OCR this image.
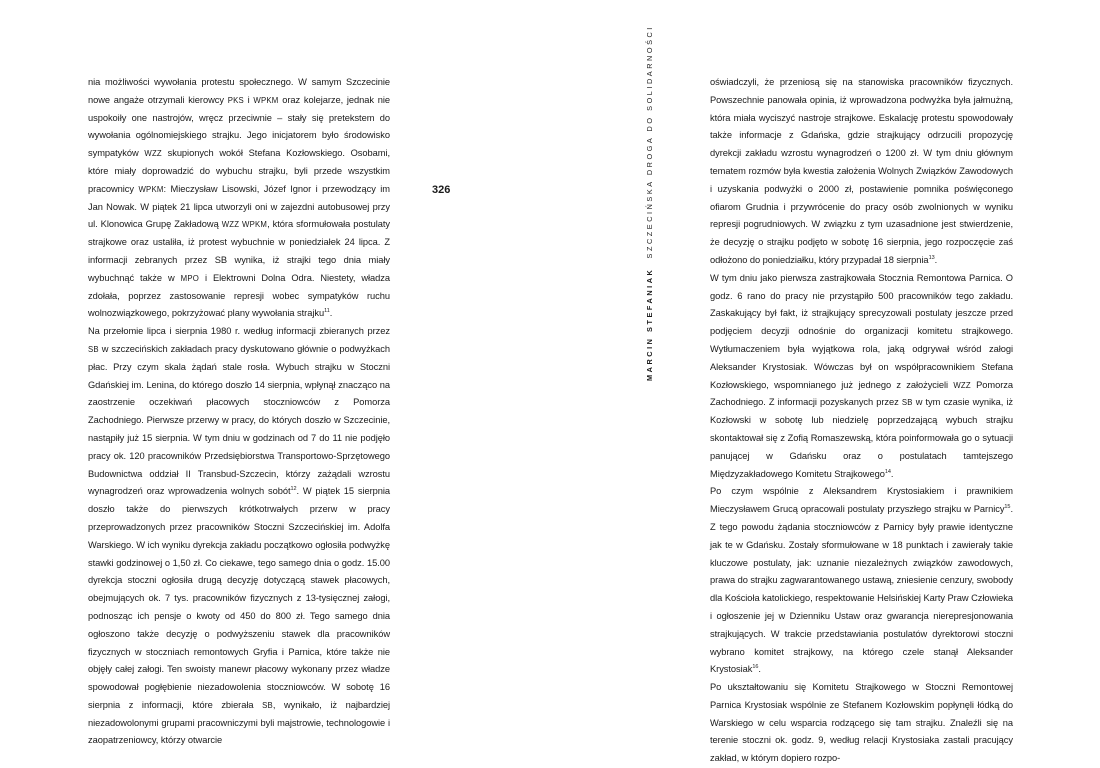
nia możliwości wywołania protestu społecznego. W samym Szczecinie nowe angaże otrzymali kierowcy PKS i WPKM oraz kolejarze, jednak nie uspokoiły one nastrojów, wręcz przeciwnie – stały się pretekstem do wywołania ogólnomiejskiego strajku. Jego inicjatorem było środowisko sympatyków WZZ skupionych wokół Stefana Kozłowskiego. Osobami, które miały doprowadzić do wybuchu strajku, byli przede wszystkim pracownicy WPKM: Mieczysław Lisowski, Józef Ignor i przewodzący im Jan Nowak. W piątek 21 lipca utworzyli oni w zajezdni autobusowej przy ul. Klonowica Grupę Zakładową WZZ WPKM, która sformułowała postulaty strajkowe oraz ustaliła, iż protest wybuchnie w poniedziałek 24 lipca. Z informacji zebranych przez SB wynika, iż strajki tego dnia miały wybuchnąć także w MPO i Elektrowni Dolna Odra. Niestety, władza zdołała, poprzez zastosowanie represji wobec sympatyków ruchu wolnozwiązkowego, pokrzyżować plany wywołania strajku$^{11}$.

Na przełomie lipca i sierpnia 1980 r. według informacji zbieranych przez SB w szczecińskich zakładach pracy dyskutowano głównie o podwyżkach płac. Przy czym skala żądań stale rosła. Wybuch strajku w Stoczni Gdańskiej im. Lenina, do którego doszło 14 sierpnia, wpłynął znacząco na zaostrzenie oczekiwań płacowych stoczniowców z Pomorza Zachodniego. Pierwsze przerwy w pracy, do których doszło w Szczecinie, nastąpiły już 15 sierpnia. W tym dniu w godzinach od 7 do 11 nie podjęło pracy ok. 120 pracowników Przedsiębiorstwa Transportowo-Sprzętowego Budownictwa oddział II Transbud-Szczecin, którzy zażądali wzrostu wynagrodzeń oraz wprowadzenia wolnych sobót$^{12}$. W piątek 15 sierpnia doszło także do pierwszych krótkotrwałych przerw w pracy przeprowadzonych przez pracowników Stoczni Szczecińskiej im. Adolfa Warskiego. W ich wyniku dyrekcja zakładu początkowo ogłosiła podwyżkę stawki godzinowej o 1,50 zł. Co ciekawe, tego samego dnia o godz. 15.00 dyrekcja stoczni ogłosiła drugą decyzję dotyczącą stawek płacowych, obejmujących ok. 7 tys. pracowników fizycznych z 13-tysięcznej załogi, podnosząc ich pensje o kwoty od 450 do 800 zł. Tego samego dnia ogłoszono także decyzję o podwyższeniu stawek dla pracowników fizycznych w stoczniach remontowych Gryfia i Parnica, które także nie objęły całej załogi. Ten swoisty manewr płacowy wykonany przez władze spowodował pogłębienie niezadowolenia stoczniowców. W sobotę 16 sierpnia z informacji, które zbierała SB, wynikało, iż najbardziej niezadowolonymi grupami pracowniczymi byli majstrowie, technologowie i zaopatrzeniowcy, którzy otwarcie

326
MARCIN STEFANIAK  SZCZECIŃSKA DROGA DO SOLIDARNOŚCI	oświadczyli, że przeniosą się na stanowiska pracowników fizycznych. Powszechnie panowała opinia, iż wprowadzona podwyżka była jałmużną, która miała wyciszyć nastroje strajkowe. Eskalację protestu spowodowały także informacje z Gdańska, gdzie strajkujący odrzucili propozycję dyrekcji zakładu wzrostu wynagrodzeń o 1200 zł. W tym dniu głównym tematem rozmów była kwestia założenia Wolnych Związków Zawodowych i uzyskania podwyżki o 2000 zł, postawienie pomnika poświęconego ofiarom Grudnia i przywrócenie do pracy osób zwolnionych w wyniku represji pogrudniowych. W związku z tym uzasadnione jest stwierdzenie, że decyzję o strajku podjęto w sobotę 16 sierpnia, jego rozpoczęcie zaś odłożono do poniedziałku, który przypadał 18 sierpnia$^{13}$.

W tym dniu jako pierwsza zastrajkowała Stocznia Remontowa Parnica. O godz. 6 rano do pracy nie przystąpiło 500 pracowników tego zakładu. Zaskakujący był fakt, iż strajkujący sprecyzowali postulaty jeszcze przed podjęciem decyzji odnośnie do organizacji komitetu strajkowego. Wytłumaczeniem była wyjątkowa rola, jaką odgrywał wśród załogi Aleksander Krystosiak. Wówczas był on współpracownikiem Stefana Kozłowskiego, wspomnianego już jednego z założycieli WZZ Pomorza Zachodniego. Z informacji pozyskanych przez SB w tym czasie wynika, iż Kozłowski w sobotę lub niedzielę poprzedzającą wybuch strajku skontaktował się z Zofią Romaszewską, która poinformowała go o sytuacji panującej w Gdańsku oraz o postulatach tamtejszego Międzyzakładowego Komitetu Strajkowego$^{14}$.

Po czym wspólnie z Aleksandrem Krystosiakiem i prawnikiem Mieczysławem Grucą opracowali postulaty przyszłego strajku w Parnicy$^{15}$. Z tego powodu żądania stoczniowców z Parnicy były prawie identyczne jak te w Gdańsku. Zostały sformułowane w 18 punktach i zawierały takie kluczowe postulaty, jak: uznanie niezależnych związków zawodowych, prawa do strajku zagwarantowanego ustawą, zniesienie cenzury, swobody dla Kościoła katolickiego, respektowanie Helsińskiej Karty Praw Człowieka i ogłoszenie jej w Dzienniku Ustaw oraz gwarancja nierepresjonowania strajkujących. W trakcie przedstawiania postulatów dyrektorowi stoczni wybrano komitet strajkowy, na którego czele stanął Aleksander Krystosiak$^{16}$.

Po ukształtowaniu się Komitetu Strajkowego w Stoczni Remontowej Parnica Krystosiak wspólnie ze Stefanem Kozłowskim popłynęli łódką do Warskiego w celu wsparcia rodzącego się tam strajku. Znaleźli się na terenie stoczni ok. godz. 9, według relacji Krystosiaka zastali pracujący zakład, w którym dopiero rozpo-
